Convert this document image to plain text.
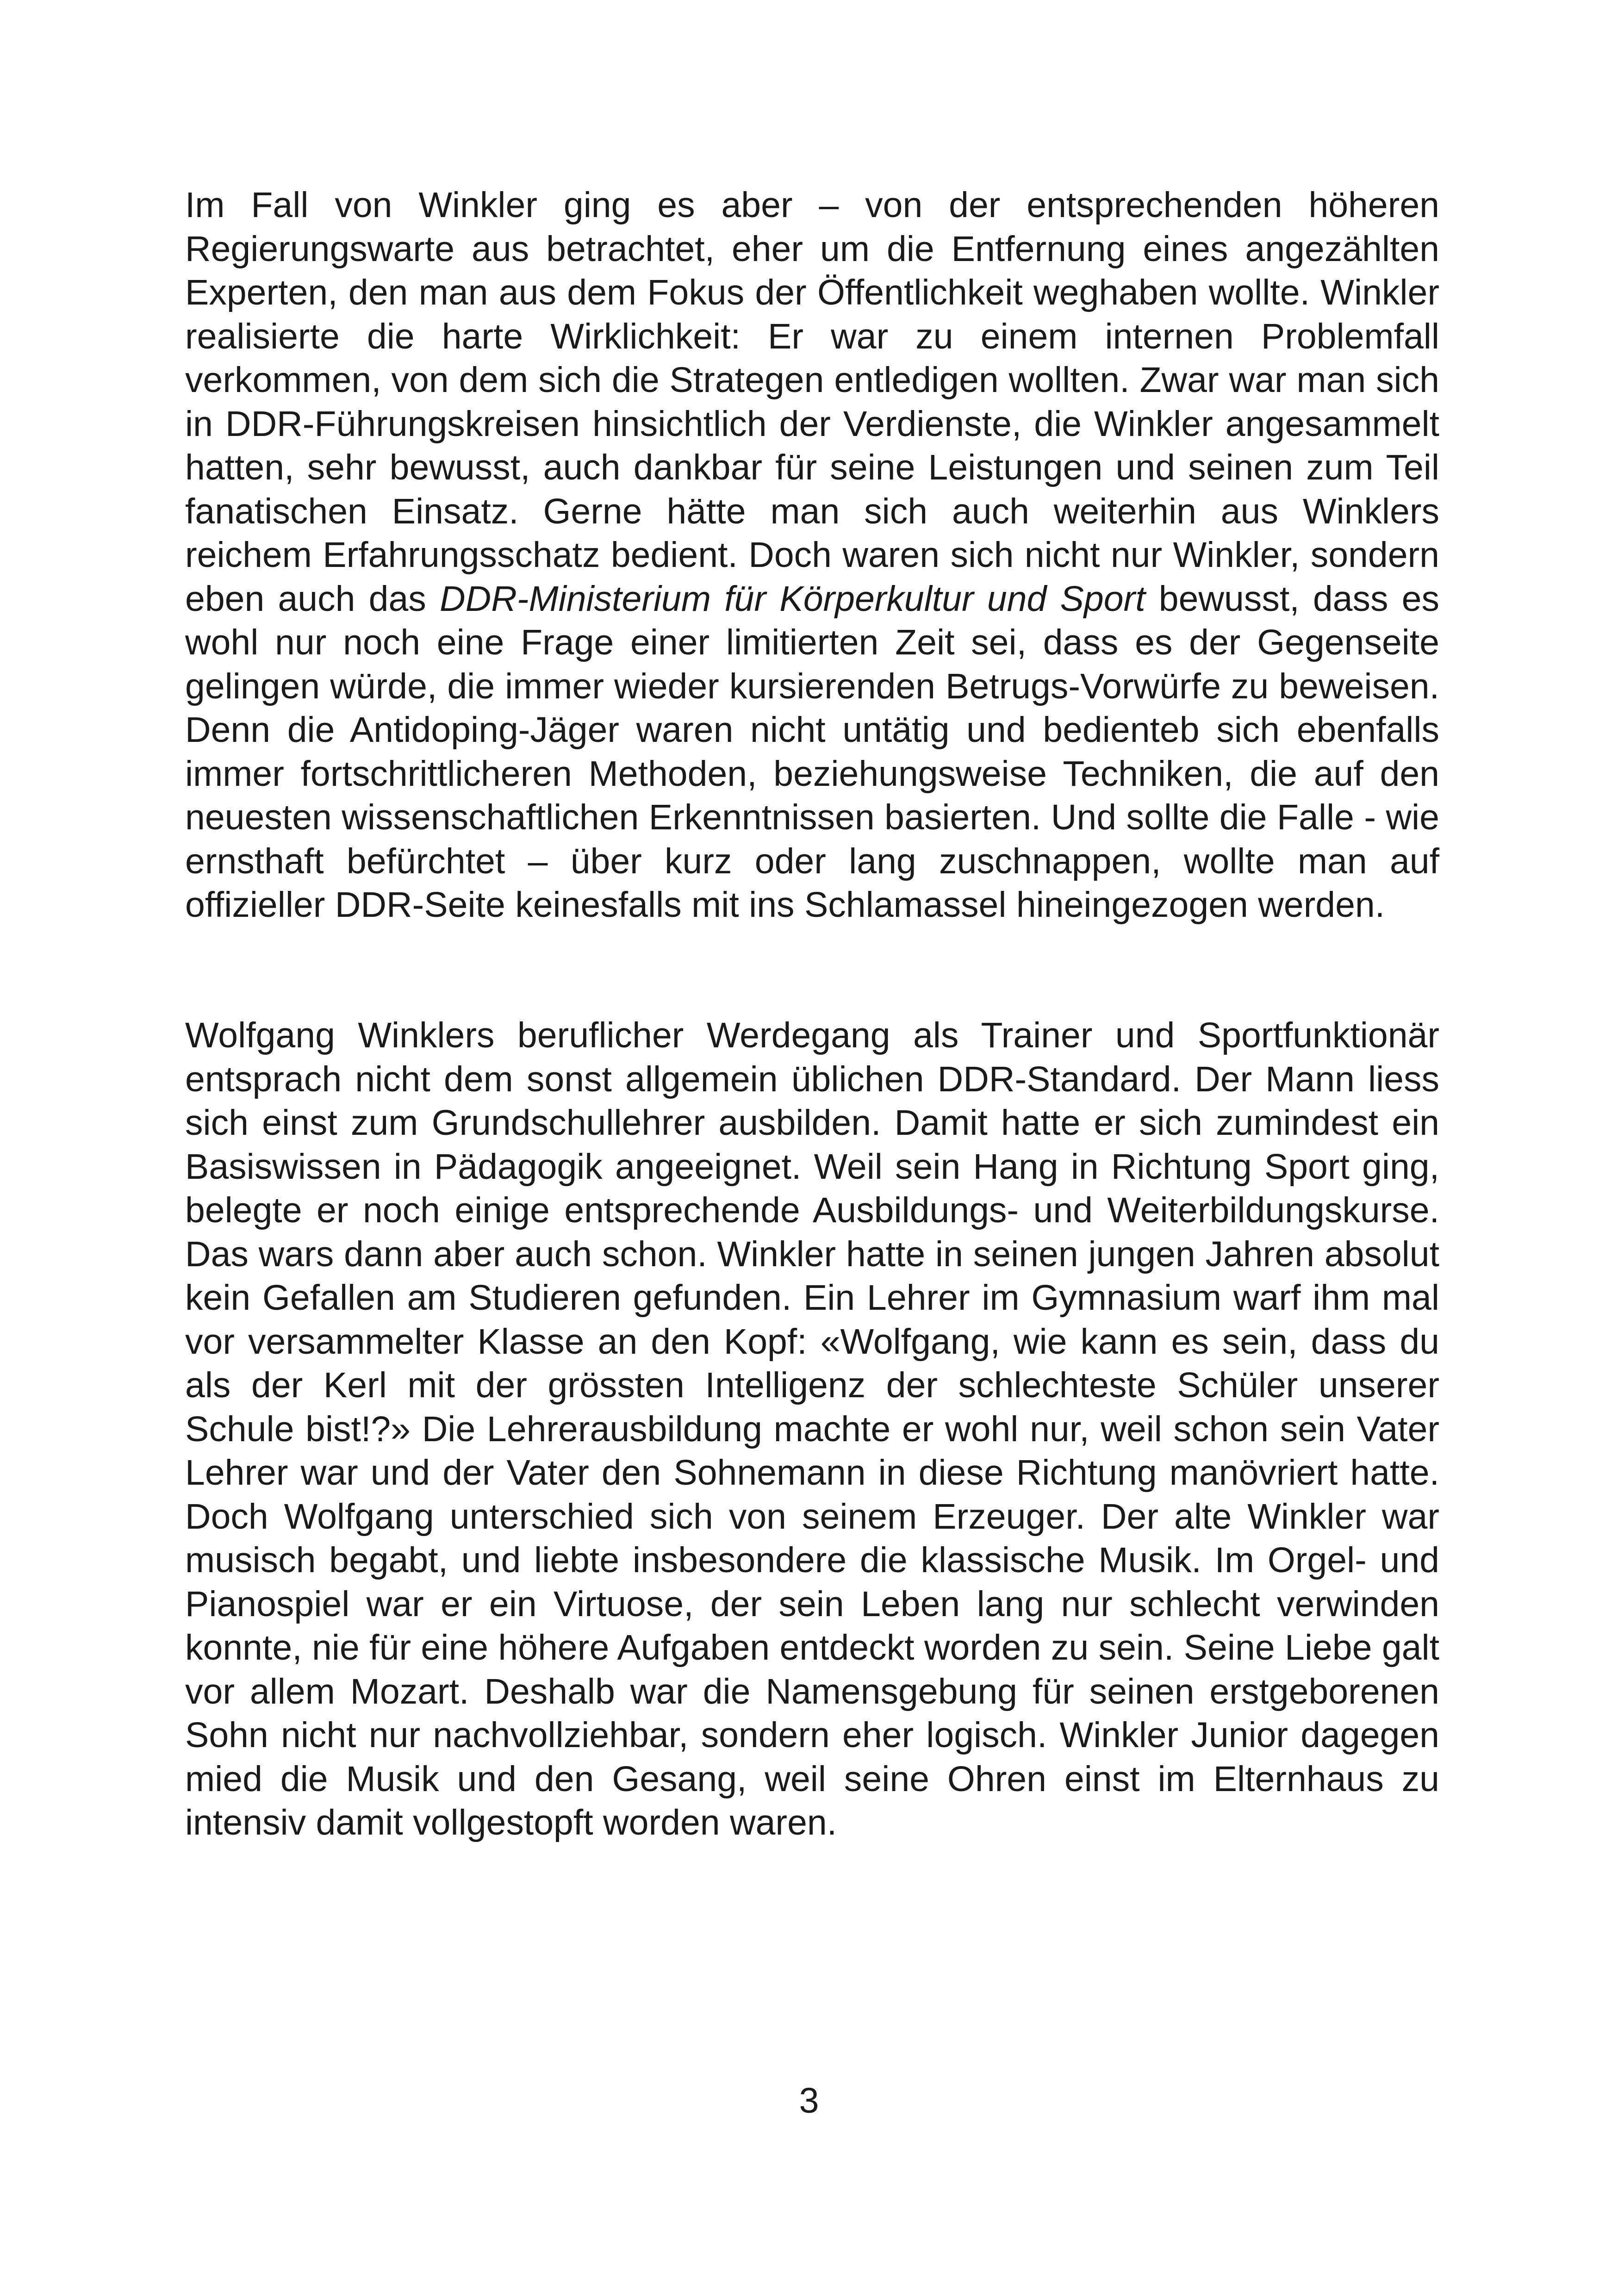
Im Fall von Winkler ging es aber – von der entsprechenden höheren Regierungswarte aus betrachtet, eher um die Entfernung eines angezählten Experten, den man aus dem Fokus der Öffentlichkeit weghaben wollte. Winkler realisierte die harte Wirklichkeit: Er war zu einem internen Problemfall verkommen, von dem sich die Strategen entledigen wollten. Zwar war man sich in DDR-Führungskreisen hinsichtlich der Verdienste, die Winkler angesammelt hatten, sehr bewusst, auch dankbar für seine Leistungen und seinen zum Teil fanatischen Einsatz. Gerne hätte man sich auch weiterhin aus Winklers reichem Erfahrungsschatz bedient. Doch waren sich nicht nur Winkler, sondern eben auch das DDR-Ministerium für Körperkultur und Sport bewusst, dass es wohl nur noch eine Frage einer limitierten Zeit sei, dass es der Gegenseite gelingen würde, die immer wieder kursierenden Betrugs-Vorwürfe zu beweisen. Denn die Antidoping-Jäger waren nicht untätig und bedienteb sich ebenfalls immer fortschrittlicheren Methoden, beziehungsweise Techniken, die auf den neuesten wissenschaftlichen Erkenntnissen basierten. Und sollte die Falle - wie ernsthaft befürchtet – über kurz oder lang zuschnappen, wollte man auf offizieller DDR-Seite keinesfalls mit ins Schlamassel hineingezogen werden.

Wolfgang Winklers beruflicher Werdegang als Trainer und Sportfunktionär entsprach nicht dem sonst allgemein üblichen DDR-Standard. Der Mann liess sich einst zum Grundschullehrer ausbilden. Damit hatte er sich zumindest ein Basiswissen in Pädagogik angeeignet. Weil sein Hang in Richtung Sport ging, belegte er noch einige entsprechende Ausbildungs- und Weiterbildungskurse. Das wars dann aber auch schon. Winkler hatte in seinen jungen Jahren absolut kein Gefallen am Studieren gefunden. Ein Lehrer im Gymnasium warf ihm mal vor versammelter Klasse an den Kopf: «Wolfgang, wie kann es sein, dass du als der Kerl mit der grössten Intelligenz der schlechteste Schüler unserer Schule bist!?» Die Lehrerausbildung machte er wohl nur, weil schon sein Vater Lehrer war und der Vater den Sohnemann in diese Richtung manövriert hatte. Doch Wolfgang unterschied sich von seinem Erzeuger. Der alte Winkler war musisch begabt, und liebte insbesondere die klassische Musik. Im Orgel- und Pianospiel war er ein Virtuose, der sein Leben lang nur schlecht verwinden konnte, nie für eine höhere Aufgaben entdeckt worden zu sein. Seine Liebe galt vor allem Mozart. Deshalb war die Namensgebung für seinen erstgeborenen Sohn nicht nur nachvollziehbar, sondern eher logisch. Winkler Junior dagegen mied die Musik und den Gesang, weil seine Ohren einst im Elternhaus zu intensiv damit vollgestopft worden waren.

3
